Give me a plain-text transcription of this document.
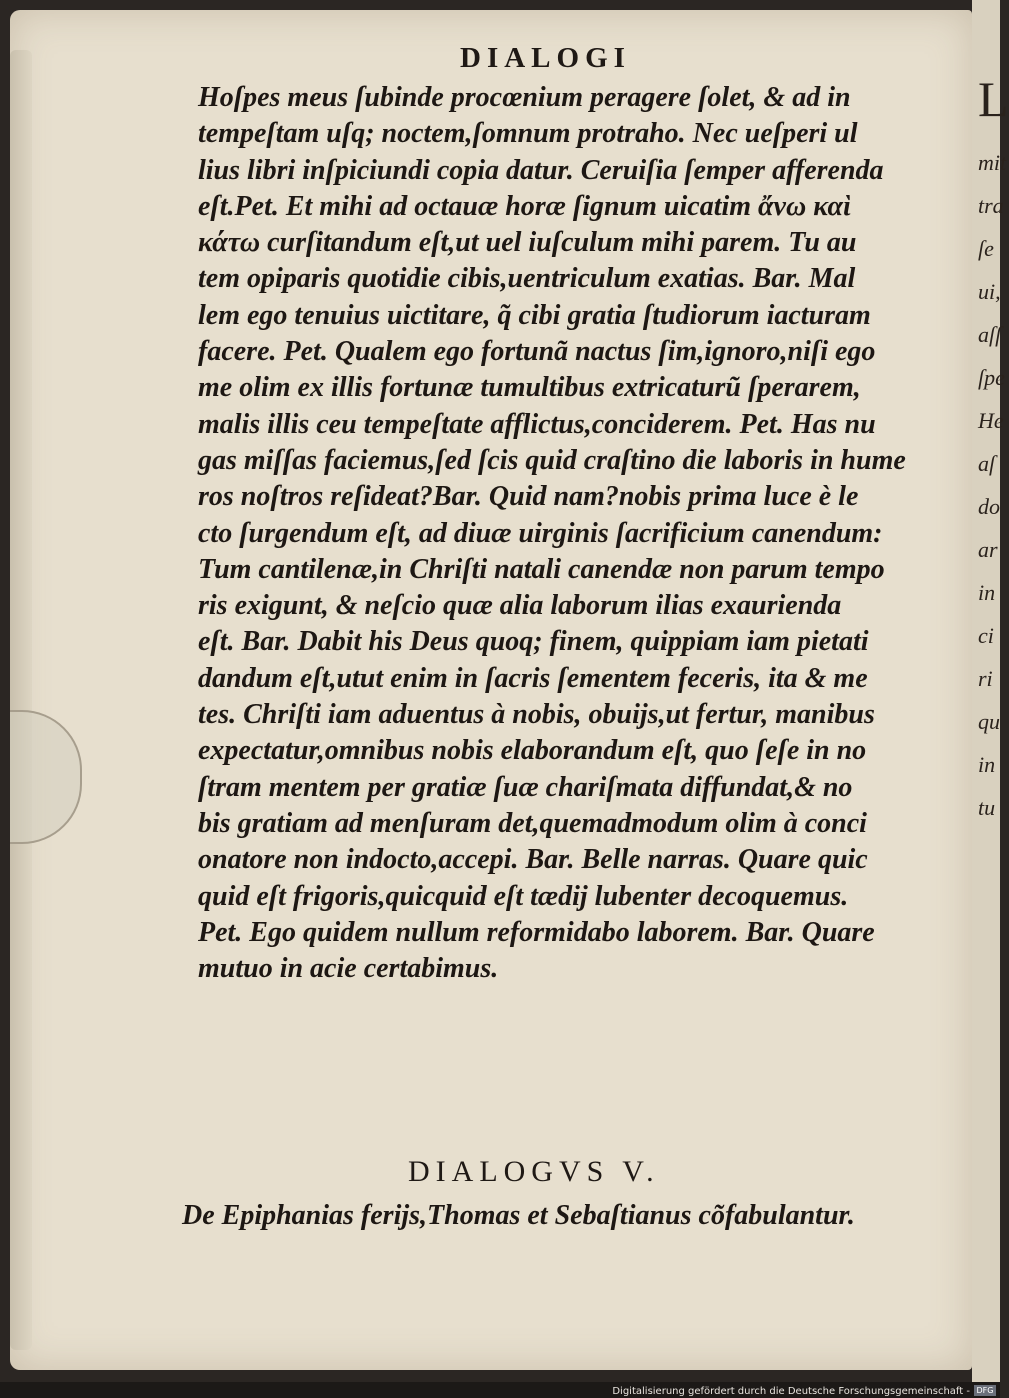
L
mit
tra
ſe
ui,
aſſ
ſpe
He
aſ
do
ar
in
ci
ri
qu
in
tu
DIALOGI
Hoſpes meus ſubinde procœnium peragere ſolet, & ad in
tempeſtam uſq; noctem,ſomnum protraho. Nec ueſperi ul
lius libri inſpiciundi copia datur. Ceruiſia ſemper afferenda
eſt.Pet. Et mihi ad octauæ horæ ſignum uicatim ἄνω καὶ
κάτω curſitandum eſt,ut uel iuſculum mihi parem. Tu au
tem opiparis quotidie cibis,uentriculum exatias. Bar. Mal
lem ego tenuius uictitare, q̃ cibi gratia ſtudiorum iacturam
facere. Pet. Qualem ego fortunã nactus ſim,ignoro,niſi ego
me olim ex illis fortunæ tumultibus extricaturũ ſperarem,
malis illis ceu tempeſtate afflictus,conciderem. Pet. Has nu
gas miſſas faciemus,ſed ſcis quid craſtino die laboris in hume
ros noſtros reſideat?Bar. Quid nam?nobis prima luce è le
cto ſurgendum eſt, ad diuæ uirginis ſacrificium canendum:
Tum cantilenæ,in Chriſti natali canendæ non parum tempo
ris exigunt, & neſcio quæ alia laborum ilias exaurienda
eſt. Bar. Dabit his Deus quoq; finem, quippiam iam pietati
dandum eſt,utut enim in ſacris ſementem feceris, ita & me
tes. Chriſti iam aduentus à nobis, obuijs,ut fertur, manibus
expectatur,omnibus nobis elaborandum eſt, quo ſeſe in no
ſtram mentem per gratiæ ſuæ chariſmata diffundat,& no
bis gratiam ad menſuram det,quemadmodum olim à conci
onatore non indocto,accepi. Bar. Belle narras. Quare quic
quid eſt frigoris,quicquid eſt tædij lubenter decoquemus.
Pet. Ego quidem nullum reformidabo laborem. Bar. Quare
mutuo in acie certabimus.
DIALOGVS V.
De Epiphanias ferijs,Thomas et Sebaſtianus cõfabulantur.
Digitalisierung gefördert durch die Deutsche Forschungsgemeinschaft - DFG
